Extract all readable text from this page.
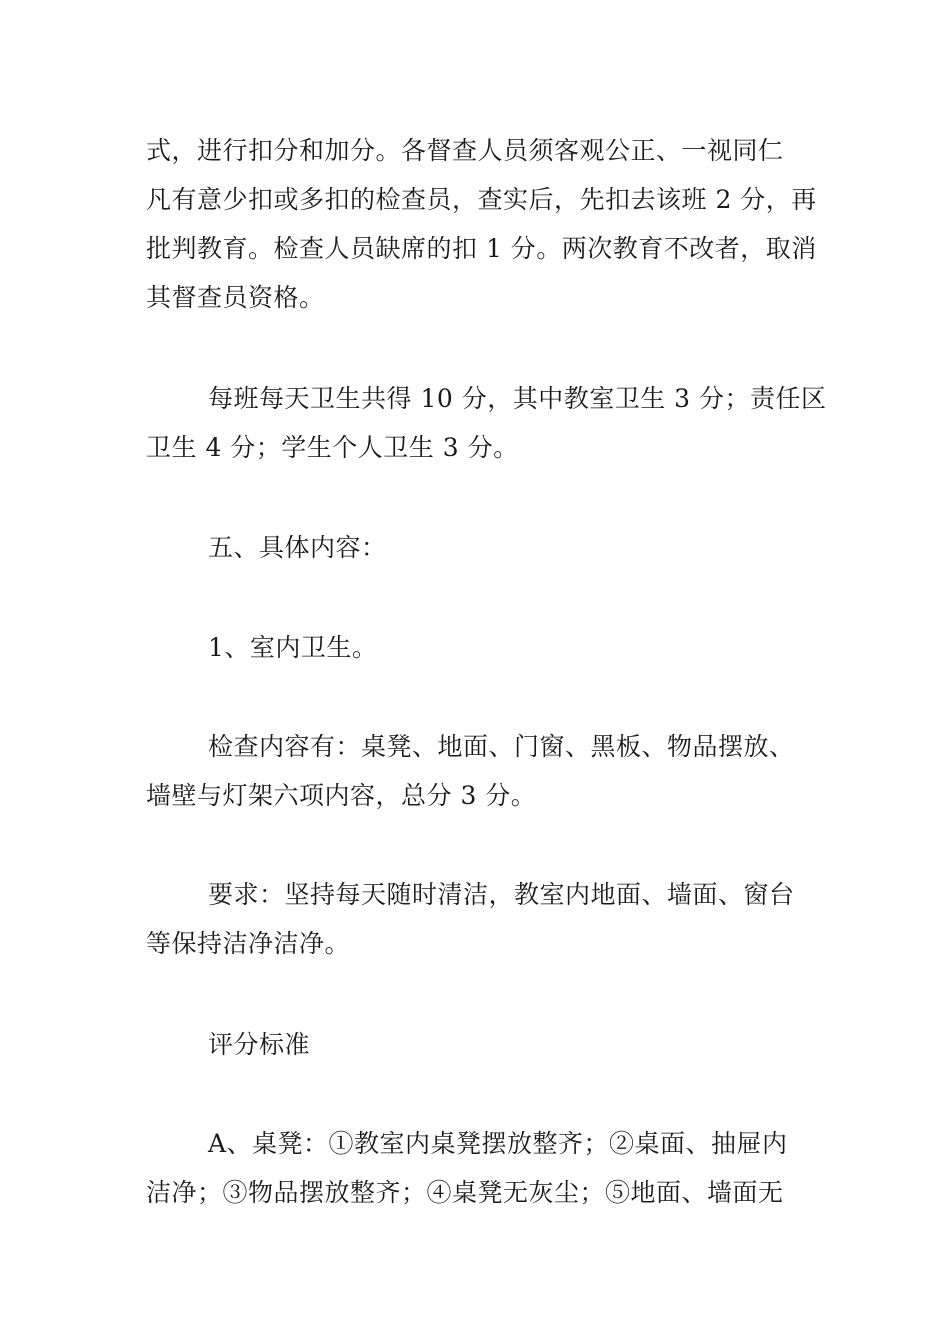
式，进行扣分和加分。各督查人员须客观公正、一视同仁
凡有意少扣或多扣的检查员，查实后，先扣去该班 2 分，再
批判教育。检查人员缺席的扣 1 分。两次教育不改者，取消
其督查员资格。

每班每天卫生共得 10 分，其中教室卫生 3 分；责任区
卫生 4 分；学生个人卫生 3 分。

五、具体内容：

1、室内卫生。

检查内容有：桌凳、地面、门窗、黑板、物品摆放、
墙壁与灯架六项内容，总分 3 分。

要求：坚持每天随时清洁，教室内地面、墙面、窗台
等保持洁净洁净。

评分标准

A、桌凳：①教室内桌凳摆放整齐；②桌面、抽屉内
洁净；③物品摆放整齐；④桌凳无灰尘；⑤地面、墙面无
